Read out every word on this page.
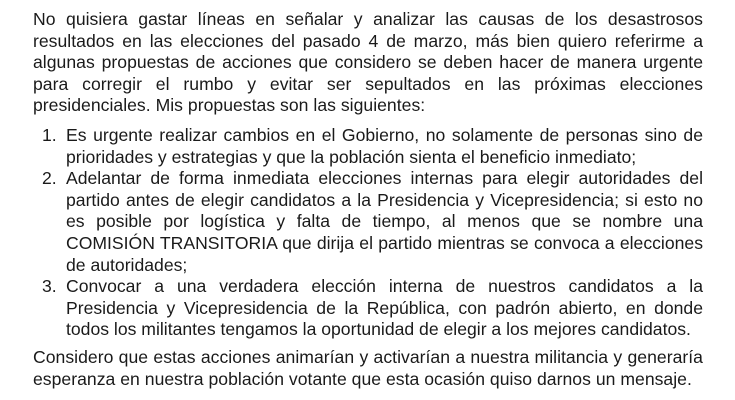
No quisiera gastar líneas en señalar y analizar las causas de los desastrosos resultados en las elecciones del pasado 4 de marzo, más bien quiero referirme a algunas propuestas de acciones que considero se deben hacer de manera urgente para corregir el rumbo y evitar ser sepultados en las próximas elecciones presidenciales. Mis propuestas son las siguientes:

1. Es urgente realizar cambios en el Gobierno, no solamente de personas sino de prioridades y estrategias y que la población sienta el beneficio inmediato;
2. Adelantar de forma inmediata elecciones internas para elegir autoridades del partido antes de elegir candidatos a la Presidencia y Vicepresidencia; si esto no es posible por logística y falta de tiempo, al menos que se nombre una COMISIÓN TRANSITORIA que dirija el partido mientras se convoca a elecciones de autoridades;
3. Convocar a una verdadera elección interna de nuestros candidatos a la Presidencia y Vicepresidencia de la República, con padrón abierto, en donde todos los militantes tengamos la oportunidad de elegir a los mejores candidatos.

Considero que estas acciones animarían y activarían a nuestra militancia y generaría esperanza en nuestra población votante que esta ocasión quiso darnos un mensaje.
